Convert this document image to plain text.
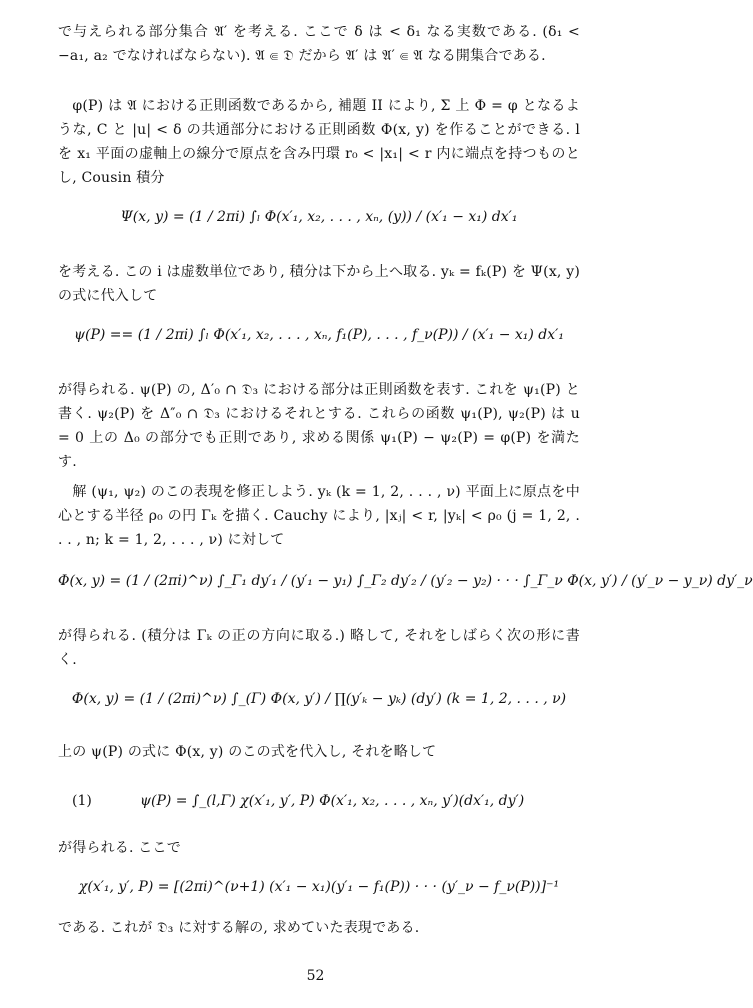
で与えられる部分集合 𝔄′ を考える. ここで δ は < δ₁ なる実数である. (δ₁ < −a₁, a₂ でなければならない). 𝔄 ⋐ 𝔇 だから 𝔄′ は 𝔄′ ⋐ 𝔄 なる開集合である.
　φ(P) は 𝔄 における正則函数であるから, 補題 II により, Σ 上 Φ = φ となるような, C と |u| < δ の共通部分における正則函数 Φ(x, y) を作ることができる. l を x₁ 平面の虚軸上の線分で原点を含み円環 r₀ < |x₁| < r 内に端点を持つものとし, Cousin 積分
Ψ(x, y) = (1 / 2πi) ∫ₗ Φ(x′₁, x₂, . . . , xₙ, (y)) / (x′₁ − x₁) dx′₁
を考える. この i は虚数単位であり, 積分は下から上へ取る. yₖ = fₖ(P) を Ψ(x, y) の式に代入して
ψ(P) == (1 / 2πi) ∫ₗ Φ(x′₁, x₂, . . . , xₙ, f₁(P), . . . , f_ν(P)) / (x′₁ − x₁) dx′₁
が得られる. ψ(P) の, Δ′₀ ∩ 𝔇₃ における部分は正則函数を表す. これを ψ₁(P) と書く. ψ₂(P) を Δ″₀ ∩ 𝔇₃ におけるそれとする. これらの函数 ψ₁(P), ψ₂(P) は u = 0 上の Δ₀ の部分でも正則であり, 求める関係 ψ₁(P) − ψ₂(P) = φ(P) を満たす.
　解 (ψ₁, ψ₂) のこの表現を修正しよう. yₖ (k = 1, 2, . . . , ν) 平面上に原点を中心とする半径 ρ₀ の円 Γₖ を描く. Cauchy により, |xⱼ| < r, |yₖ| < ρ₀ (j = 1, 2, . . . , n; k = 1, 2, . . . , ν) に対して
Φ(x, y) = (1 / (2πi)^ν) ∫_Γ₁ dy′₁ / (y′₁ − y₁) ∫_Γ₂ dy′₂ / (y′₂ − y₂) · · · ∫_Γ_ν Φ(x, y′) / (y′_ν − y_ν) dy′_ν
が得られる. (積分は Γₖ の正の方向に取る.) 略して, それをしばらく次の形に書く.
Φ(x, y) = (1 / (2πi)^ν) ∫_(Γ) Φ(x, y′) / ∏(y′ₖ − yₖ) (dy′) (k = 1, 2, . . . , ν)
上の ψ(P) の式に Φ(x, y) のこの式を代入し, それを略して
(1)	ψ(P) = ∫_(l,Γ) χ(x′₁, y′, P) Φ(x′₁, x₂, . . . , xₙ, y′)(dx′₁, dy′)
が得られる. ここで
χ(x′₁, y′, P) = [(2πi)^(ν+1) (x′₁ − x₁)(y′₁ − f₁(P)) · · · (y′_ν − f_ν(P))]⁻¹
である. これが 𝔇₃ に対する解の, 求めていた表現である.
52
